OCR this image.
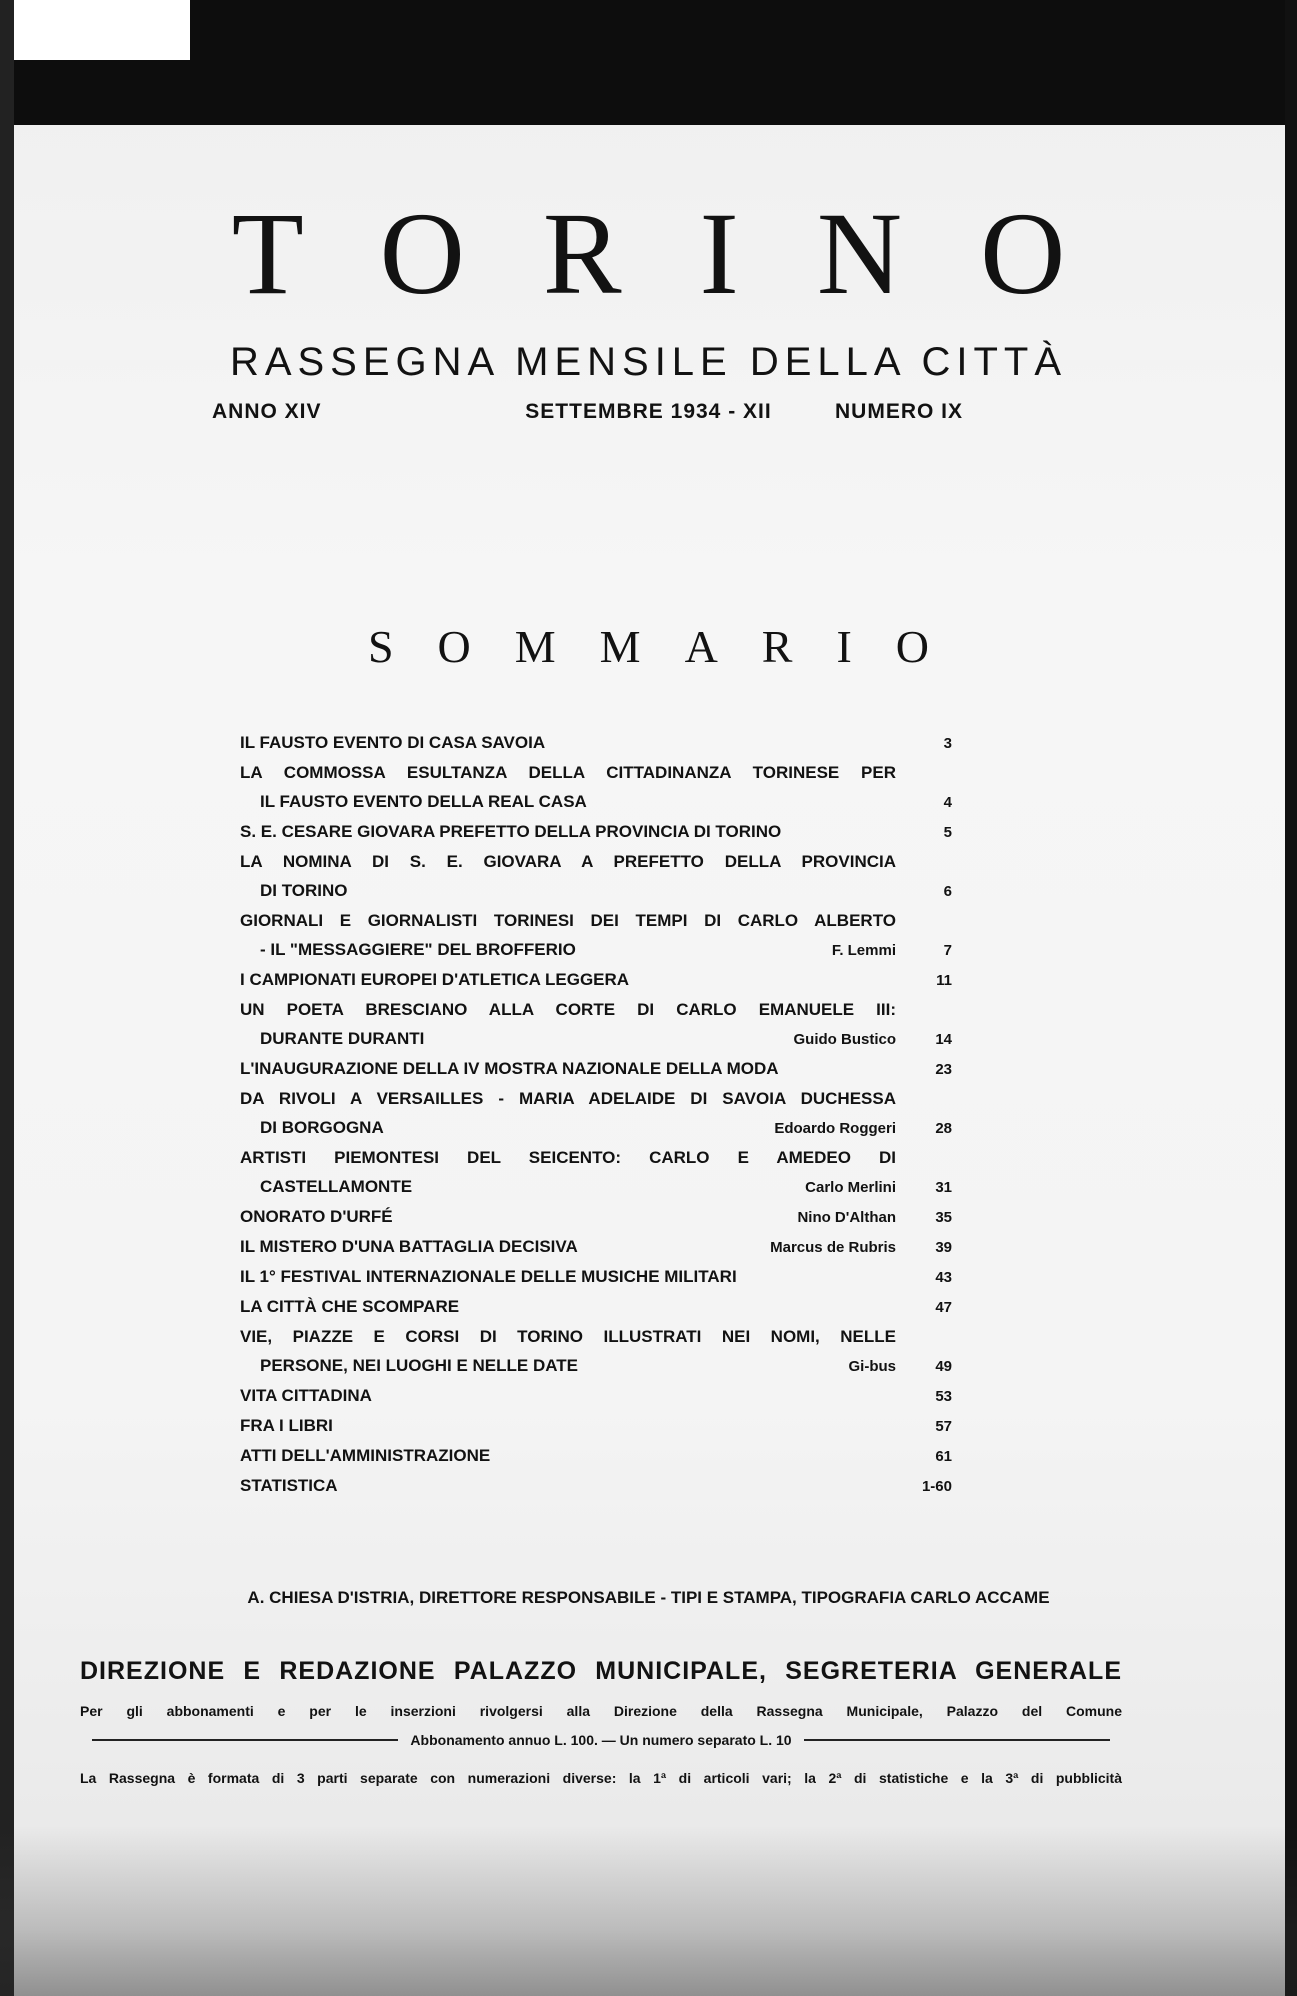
TORINO
RASSEGNA MENSILE DELLA CITTÀ
ANNO XIV	SETTEMBRE 1934 - XII	NUMERO IX
SOMMARIO
IL FAUSTO EVENTO DI CASA SAVOIA	3
LA COMMOSSA ESULTANZA DELLA CITTADINANZA TORINESE PER
IL FAUSTO EVENTO DELLA REAL CASA	4
S. E. CESARE GIOVARA PREFETTO DELLA PROVINCIA DI TORINO	5
LA NOMINA DI S. E. GIOVARA A PREFETTO DELLA PROVINCIA
DI TORINO	6
GIORNALI E GIORNALISTI TORINESI DEI TEMPI DI CARLO ALBERTO
- IL "MESSAGGIERE" DEL BROFFERIO	F. Lemmi	7
I CAMPIONATI EUROPEI D'ATLETICA LEGGERA	11
UN POETA BRESCIANO ALLA CORTE DI CARLO EMANUELE III:
DURANTE DURANTI	Guido Bustico	14
L'INAUGURAZIONE DELLA IV MOSTRA NAZIONALE DELLA MODA	23
DA RIVOLI A VERSAILLES - MARIA ADELAIDE DI SAVOIA DUCHESSA
DI BORGOGNA	Edoardo Roggeri	28
ARTISTI PIEMONTESI DEL SEICENTO: CARLO E AMEDEO DI
CASTELLAMONTE	Carlo Merlini	31
ONORATO D'URFÉ	Nino D'Althan	35
IL MISTERO D'UNA BATTAGLIA DECISIVA	Marcus de Rubris	39
IL 1° FESTIVAL INTERNAZIONALE DELLE MUSICHE MILITARI	43
LA CITTÀ CHE SCOMPARE	47
VIE, PIAZZE E CORSI DI TORINO ILLUSTRATI NEI NOMI, NELLE
PERSONE, NEI LUOGHI E NELLE DATE	Gi-bus	49
VITA CITTADINA	53
FRA I LIBRI	57
ATTI DELL'AMMINISTRAZIONE	61
STATISTICA	1-60
A. CHIESA D'ISTRIA, DIRETTORE RESPONSABILE - TIPI E STAMPA, TIPOGRAFIA CARLO ACCAME
DIREZIONE E REDAZIONE PALAZZO MUNICIPALE, SEGRETERIA GENERALE
Per gli abbonamenti e per le inserzioni rivolgersi alla Direzione della Rassegna Municipale, Palazzo del Comune
Abbonamento annuo L. 100. — Un numero separato L. 10
La Rassegna è formata di 3 parti separate con numerazioni diverse: la 1ª di articoli vari; la 2ª di statistiche e la 3ª di pubblicità
